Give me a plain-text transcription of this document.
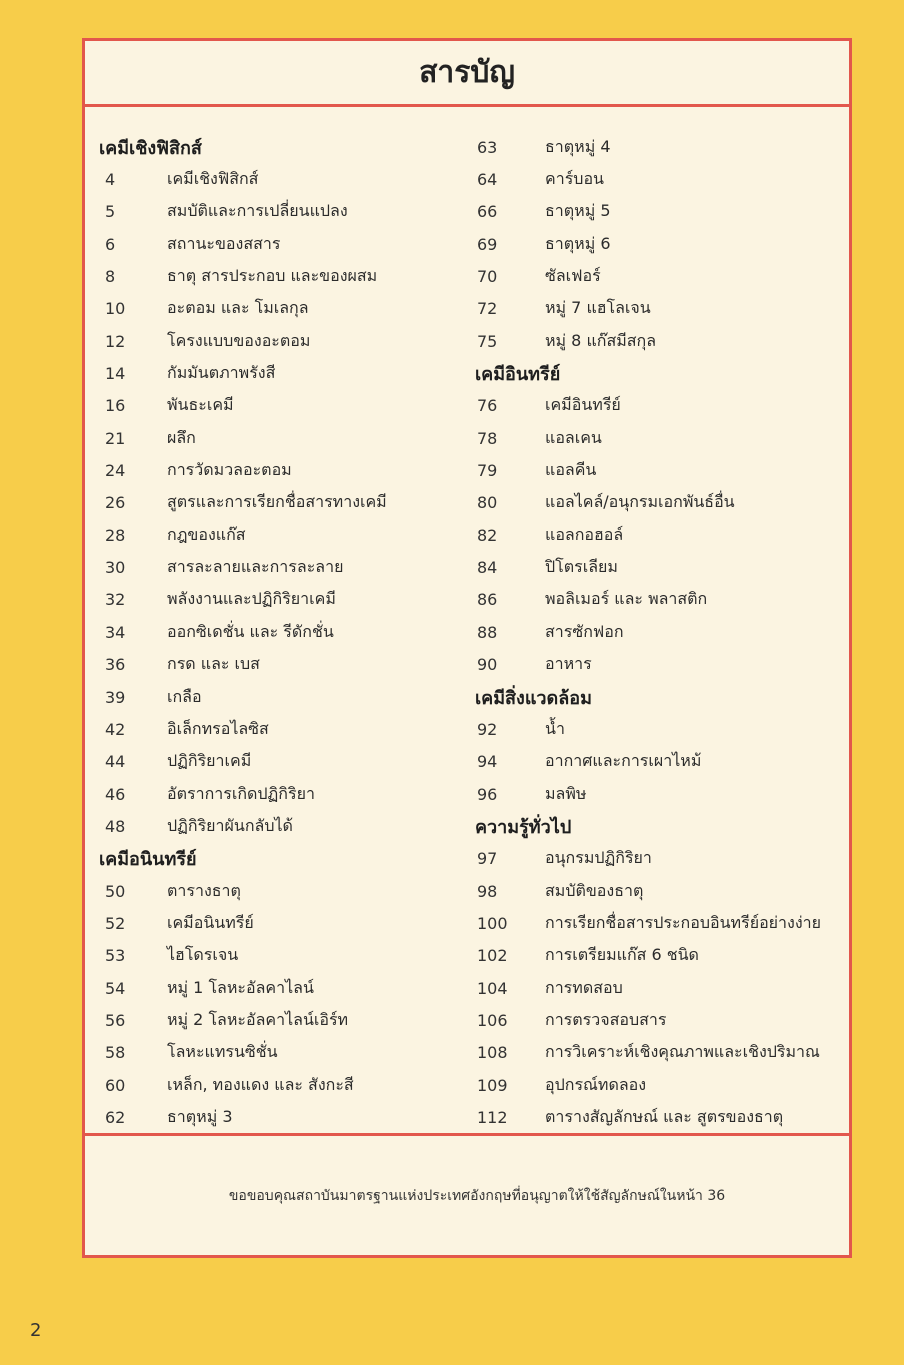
สารบัญ
เคมีเชิงฟิสิกส์
4	เคมีเชิงฟิสิกส์
5	สมบัติและการเปลี่ยนแปลง
6	สถานะของสสาร
8	ธาตุ สารประกอบ และของผสม
10	อะตอม และ โมเลกุล
12	โครงแบบของอะตอม
14	กัมมันตภาพรังสี
16	พันธะเคมี
21	ผลึก
24	การวัดมวลอะตอม
26	สูตรและการเรียกชื่อสารทางเคมี
28	กฎของแก๊ส
30	สารละลายและการละลาย
32	พลังงานและปฏิกิริยาเคมี
34	ออกซิเดชั่น และ รีดักชั่น
36	กรด และ เบส
39	เกลือ
42	อิเล็กทรอไลซิส
44	ปฏิกิริยาเคมี
46	อัตราการเกิดปฏิกิริยา
48	ปฏิกิริยาผันกลับได้
เคมีอนินทรีย์
50	ตารางธาตุ
52	เคมีอนินทรีย์
53	ไฮโดรเจน
54	หมู่ 1 โลหะอัลคาไลน์
56	หมู่ 2 โลหะอัลคาไลน์เอิร์ท
58	โลหะแทรนซิชั่น
60	เหล็ก, ทองแดง และ สังกะสี
62	ธาตุหมู่ 3
63	ธาตุหมู่ 4
64	คาร์บอน
66	ธาตุหมู่ 5
69	ธาตุหมู่ 6
70	ซัลเฟอร์
72	หมู่ 7 แฮโลเจน
75	หมู่ 8 แก๊สมีสกุล
เคมีอินทรีย์
76	เคมีอินทรีย์
78	แอลเคน
79	แอลคีน
80	แอลไคล์/อนุกรมเอกพันธ์อื่น
82	แอลกอฮอล์
84	ปิโตรเลียม
86	พอลิเมอร์ และ พลาสติก
88	สารซักฟอก
90	อาหาร
เคมีสิ่งแวดล้อม
92	น้ำ
94	อากาศและการเผาไหม้
96	มลพิษ
ความรู้ทั่วไป
97	อนุกรมปฏิกิริยา
98	สมบัติของธาตุ
100	การเรียกชื่อสารประกอบอินทรีย์อย่างง่าย
102	การเตรียมแก๊ส 6 ชนิด
104	การทดสอบ
106	การตรวจสอบสาร
108	การวิเคราะห์เชิงคุณภาพและเชิงปริมาณ
109	อุปกรณ์ทดลอง
112	ตารางสัญลักษณ์ และ สูตรของธาตุ
ขอขอบคุณสถาบันมาตรฐานแห่งประเทศอังกฤษที่อนุญาตให้ใช้สัญลักษณ์ในหน้า 36
2
